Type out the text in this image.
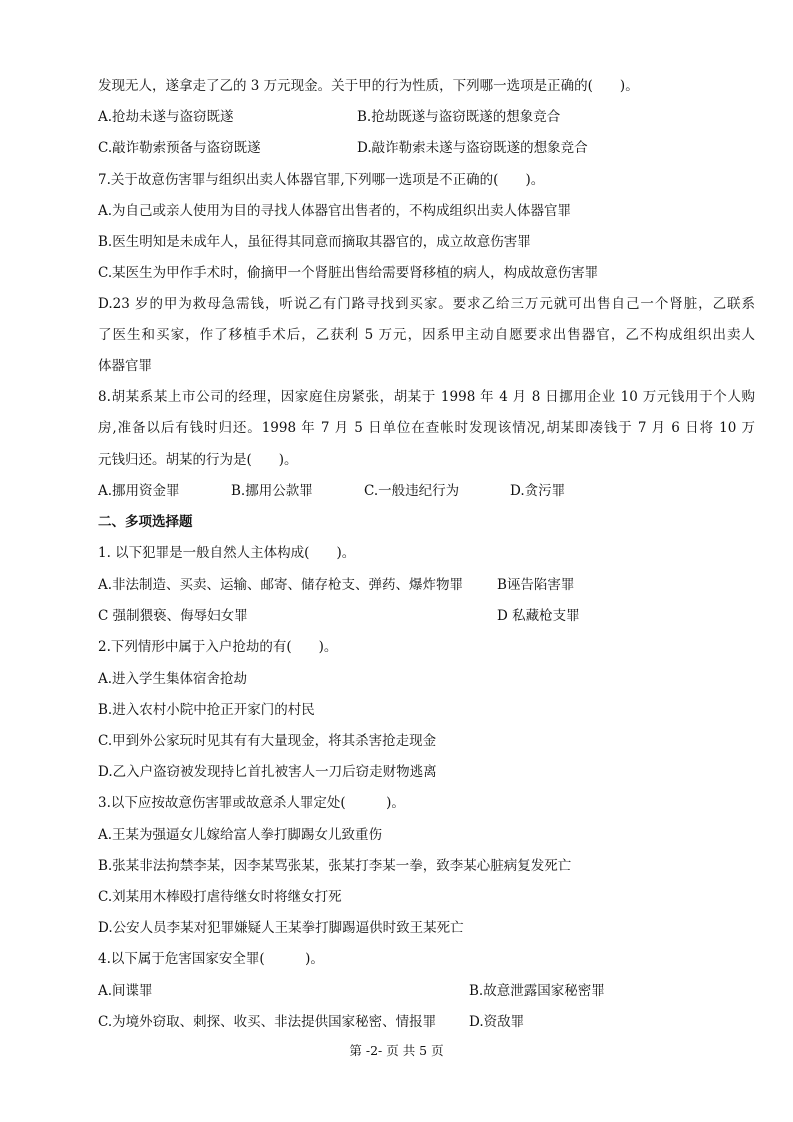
发现无人，遂拿走了乙的 3 万元现金。关于甲的行为性质，下列哪一选项是正确的(　　)。
A.抢劫未遂与盗窃既遂	B.抢劫既遂与盗窃既遂的想象竞合
C.敲诈勒索预备与盗窃既遂	D.敲诈勒索未遂与盗窃既遂的想象竞合
7.关于故意伤害罪与组织出卖人体器官罪,下列哪一选项是不正确的(　　)。
A.为自己或亲人使用为目的寻找人体器官出售者的，不构成组织出卖人体器官罪
B.医生明知是未成年人，虽征得其同意而摘取其器官的，成立故意伤害罪
C.某医生为甲作手术时，偷摘甲一个肾脏出售给需要肾移植的病人，构成故意伤害罪
D.23 岁的甲为救母急需钱，听说乙有门路寻找到买家。要求乙给三万元就可出售自己一个肾脏，乙联系
了医生和买家，作了移植手术后，乙获利 5 万元，因系甲主动自愿要求出售器官，乙不构成组织出卖人
体器官罪
8.胡某系某上市公司的经理，因家庭住房紧张，胡某于 1998 年 4 月 8 日挪用企业 10 万元钱用于个人购
房,准备以后有钱时归还。1998 年 7 月 5 日单位在查帐时发现该情况,胡某即凑钱于 7 月 6 日将 10 万
元钱归还。胡某的行为是(　　)。
A.挪用资金罪	B.挪用公款罪	C.一般违纪行为	D.贪污罪
二、多项选择题
1. 以下犯罪是一般自然人主体构成(　　)。
A.非法制造、买卖、运输、邮寄、储存枪支、弹药、爆炸物罪	B诬告陷害罪
C 强制猥亵、侮辱妇女罪	D 私藏枪支罪
2.下列情形中属于入户抢劫的有(　　)。
A.进入学生集体宿舍抢劫
B.进入农村小院中抢正开家门的村民
C.甲到外公家玩时见其有有大量现金，将其杀害抢走现金
D.乙入户盗窃被发现持匕首扎被害人一刀后窃走财物逃离
3.以下应按故意伤害罪或故意杀人罪定处(　　　)。
A.王某为强逼女儿嫁给富人拳打脚踢女儿致重伤
B.张某非法拘禁李某，因李某骂张某，张某打李某一拳，致李某心脏病复发死亡
C.刘某用木棒殴打虐待继女时将继女打死
D.公安人员李某对犯罪嫌疑人王某拳打脚踢逼供时致王某死亡
4.以下属于危害国家安全罪(　　　)。
A.间谍罪	B.故意泄露国家秘密罪
C.为境外窃取、刺探、收买、非法提供国家秘密、情报罪 D.资敌罪
第 -2- 页 共 5 页
